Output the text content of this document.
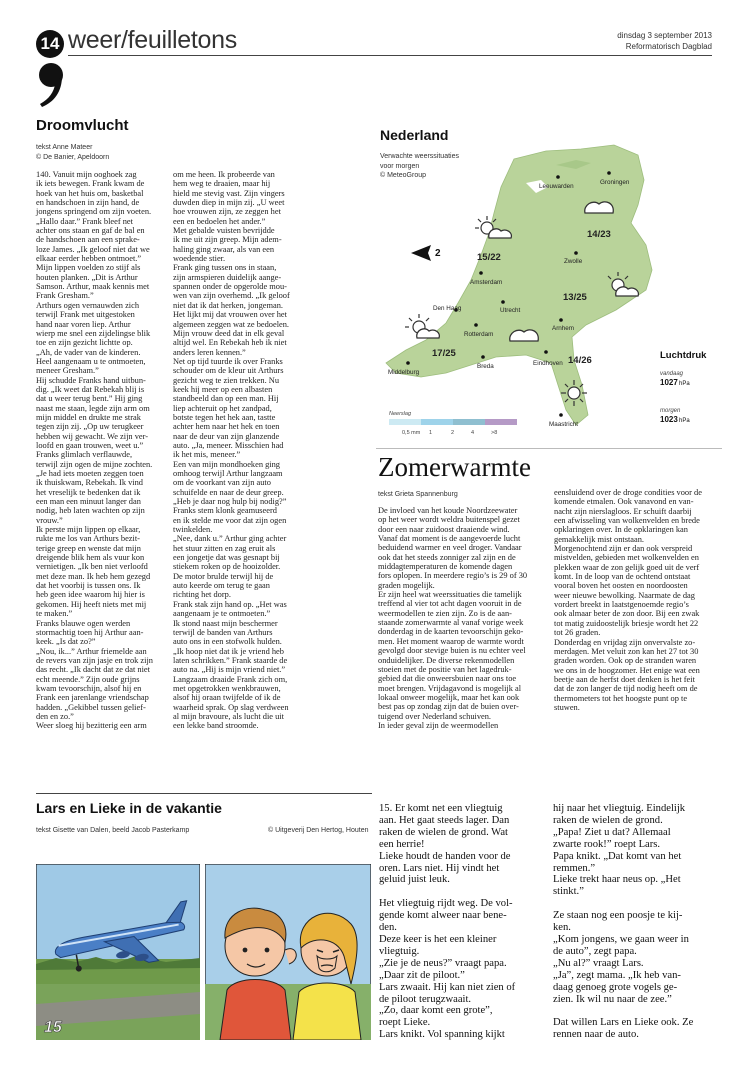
14 weer/feuilletons	dinsdag 3 september 2013
Reformatorisch Dagblad
Droomvlucht
tekst Anne Mateer
© De Banier, Apeldoorn
140. Vanuit mijn ooghoek zag
ik iets bewegen. Frank kwam de
hoek van het huis om, basketbal
en handschoen in zijn hand, de
jongens springend om zijn voeten.
„Hallo daar.” Frank bleef net
achter ons staan en gaf de bal en
de handschoen aan een sprake-
loze James. „Ik geloof niet dat we
elkaar eerder hebben ontmoet.”
Mijn lippen voelden zo stijf als
houten planken. „Dit is Arthur
Samson. Arthur, maak kennis met
Frank Gresham.”
Arthurs ogen vernauwden zich
terwijl Frank met uitgestoken
hand naar voren liep. Arthur
wierp me snel een zijdelingse blik
toe en zijn gezicht lichtte op.
„Ah, de vader van de kinderen.
Heel aangenaam u te ontmoeten,
meneer Gresham.”
Hij schudde Franks hand uitbun-
dig. „Ik weet dat Rebekah blij is
dat u weer terug bent.” Hij ging
naast me staan, legde zijn arm om
mijn middel en drukte me strak
tegen zijn zij. „Op uw terugkeer
hebben wij gewacht. We zijn ver-
loofd en gaan trouwen, weet u.”
Franks glimlach verflauwde,
terwijl zijn ogen de mijne zochten.
„Je had iets moeten zeggen toen
ik thuiskwam, Rebekah. Ik vind
het vreselijk te bedenken dat ik
een man een minuut langer dan
nodig, heb laten wachten op zijn
vrouw.”
Ik perste mijn lippen op elkaar,
rukte me los van Arthurs bezit-
terige greep en wenste dat mijn
dreigende blik hem als vuur kon
vernietigen. „Ik ben niet verloofd
met deze man. Ik heb hem gezegd
dat het voorbij is tussen ons. Ik
heb geen idee waarom hij hier is
gekomen. Hij heeft niets met mij
te maken.”
Franks blauwe ogen werden
stormachtig toen hij Arthur aan-
keek. „Is dat zo?”
„Nou, ik...” Arthur friemelde aan
de revers van zijn jasje en trok zijn
das recht. „Ik dacht dat ze dat niet
echt meende.” Zijn oude grijns
kwam tevoorschijn, alsof hij en
Frank een jarenlange vriendschap
hadden. „Gekibbel tussen gelief-
den en zo.”
Weer sloeg hij bezitterig een arm
om me heen. Ik probeerde van
hem weg te draaien, maar hij
hield me stevig vast. Zijn vingers
duwden diep in mijn zij. „U weet
hoe vrouwen zijn, ze zeggen het
een en bedoelen het ander.”
Met gebalde vuisten bevrijdde
ik me uit zijn greep. Mijn adem-
haling ging zwaar, als van een
woedende stier.
Frank ging tussen ons in staan,
zijn armspieren duidelijk aange-
spannen onder de opgerolde mou-
wen van zijn overhemd. „Ik geloof
niet dat ik dat herken, jongeman.
Het lijkt mij dat vrouwen over het
algemeen zeggen wat ze bedoelen.
Mijn vrouw deed dat in elk geval
altijd wel. En Rebekah heb ik niet
anders leren kennen.”
Net op tijd tuurde ik over Franks
schouder om de kleur uit Arthurs
gezicht weg te zien trekken. Nu
keek hij meer op een albasten
standbeeld dan op een man. Hij
liep achteruit op het zandpad,
botste tegen het hek aan, tastte
achter hem naar het hek en toen
naar de deur van zijn glanzende
auto. „Ja, meneer. Misschien had
ik het mis, meneer.”
Een van mijn mondhoeken ging
omhoog terwijl Arthur langzaam
om de voorkant van zijn auto
schuifelde en naar de deur greep.
„Heb je daar nog hulp bij nodig?”
Franks stem klonk geamuseerd
en ik stelde me voor dat zijn ogen
twinkelden.
„Nee, dank u.” Arthur ging achter
het stuur zitten en zag eruit als
een jongetje dat was gesnapt bij
stiekem roken op de hooizolder.
De motor brulde terwijl hij de
auto keerde om terug te gaan
richting het dorp.
Frank stak zijn hand op. „Het was
aangenaam je te ontmoeten.”
Ik stond naast mijn beschermer
terwijl de banden van Arthurs
auto ons in een stofwolk hulden.
„Ik hoop niet dat ik je vriend heb
laten schrikken.” Frank staarde de
auto na. „Hij is mijn vriend niet.”
Langzaam draaide Frank zich om,
met opgetrokken wenkbrauwen,
alsof hij oraan twijfelde of ik de
waarheid sprak. Op slag verdween
al mijn bravoure, als lucht die uit
een lekke band stroomde.
Nederland
Verwachte weerssituaties
voor morgen
© MeteoGroup
2
Leeuwarden
Groningen
Zwolle
Amsterdam
Den Haag	Utrecht
Rotterdam
Arnhem
Middelburg
Breda	Eindhoven
Maastricht
15/22
14/23
13/25
17/25
14/26
Neerslag
0,5 mm 1	2	4	>8
Luchtdruk
vandaag
1027 hPa
morgen
1023 hPa
Zomerwarmte
tekst Grieta Spannenburg
De invloed van het koude Noordzeewater
op het weer wordt weldra buitenspel gezet
door een naar zuidoost draaiende wind.
Vanaf dat moment is de aangevoerde lucht
beduidend warmer en veel droger. Vandaar
ook dat het steeds zonniger zal zijn en de
middagtemperaturen de komende dagen
fors oplopen. In meerdere regio’s is 29 of 30
graden mogelijk.
Er zijn heel wat weerssituaties die tamelijk
treffend al vier tot acht dagen vooruit in de
weermodellen te zien zijn. Zo is de aan-
staande zomerwarmte al vanaf vorige week
donderdag in de kaarten tevoorschijn geko-
men. Het moment waarop de warmte wordt
gevolgd door stevige buien is nu echter veel
onduidelijker. De diverse rekenmodellen
stoeien met de positie van het lagedruk-
gebied dat die onweersbuien naar ons toe
moet brengen. Vrijdagavond is mogelijk al
lokaal onweer mogelijk, maar het kan ook
best pas op zondag zijn dat de buien over-
tuigend over Nederland schuiven.
In ieder geval zijn de weermodellen
eensluidend over de droge condities voor de
komende etmalen. Ook vanavond en van-
nacht zijn nierslagloos. Er schuift daarbij
een afwisseling van wolkenvelden en brede
opklaringen over. In de opklaringen kan
gemakkelijk mist ontstaan.
Morgenochtend zijn er dan ook verspreid
mistvelden, gebieden met wolkenvelden en
plekken waar de zon gelijk goed uit de verf
komt. In de loop van de ochtend ontstaat
vooral boven het oosten en noordoosten
weer nieuwe bewolking. Naarmate de dag
vordert breekt in laatstgenoemde regio’s
ook almaar beter de zon door. Bij een zwak
tot matig zuidoostelijk briesje wordt het 22
tot 26 graden.
Donderdag en vrijdag zijn onvervalste zo-
merdagen. Met veluit zon kan het 27 tot 30
graden worden. Ook op de stranden waren
we ons in de hoogzomer. Het enige wat een
beetje aan de herfst doet denken is het feit
dat de zon langer de tijd nodig heeft om de
thermometers tot het hoogste punt op te
stuwen.
Lars en Lieke in de vakantie
tekst Gisette van Dalen, beeld Jacob Pasterkamp	© Uitgeverij Den Hertog, Houten
15
15. Er komt net een vliegtuig
aan. Het gaat steeds lager. Dan
raken de wielen de grond. Wat
een herrie!
Lieke houdt de handen voor de
oren. Lars niet. Hij vindt het
geluid juist leuk.

Het vliegtuig rijdt weg. De vol-
gende komt alweer naar bene-
den.
Deze keer is het een kleiner
vliegtuig.
„Zie je de neus?” vraagt papa.
„Daar zit de piloot.”
Lars zwaait. Hij kan niet zien of
de piloot terugzwaait.
„Zo, daar komt een grote”,
roept Lieke.
Lars knikt. Vol spanning kijkt
hij naar het vliegtuig. Eindelijk
raken de wielen de grond.
„Papa! Ziet u dat? Allemaal
zwarte rook!” roept Lars.
Papa knikt. „Dat komt van het
remmen.”
Lieke trekt haar neus op. „Het
stinkt.”

Ze staan nog een poosje te kij-
ken.
„Kom jongens, we gaan weer in
de auto”, zegt papa.
„Nu al?” vraagt Lars.
„Ja”, zegt mama. „Ik heb van-
daag genoeg grote vogels ge-
zien. Ik wil nu naar de zee.”

Dat willen Lars en Lieke ook. Ze
rennen naar de auto.
